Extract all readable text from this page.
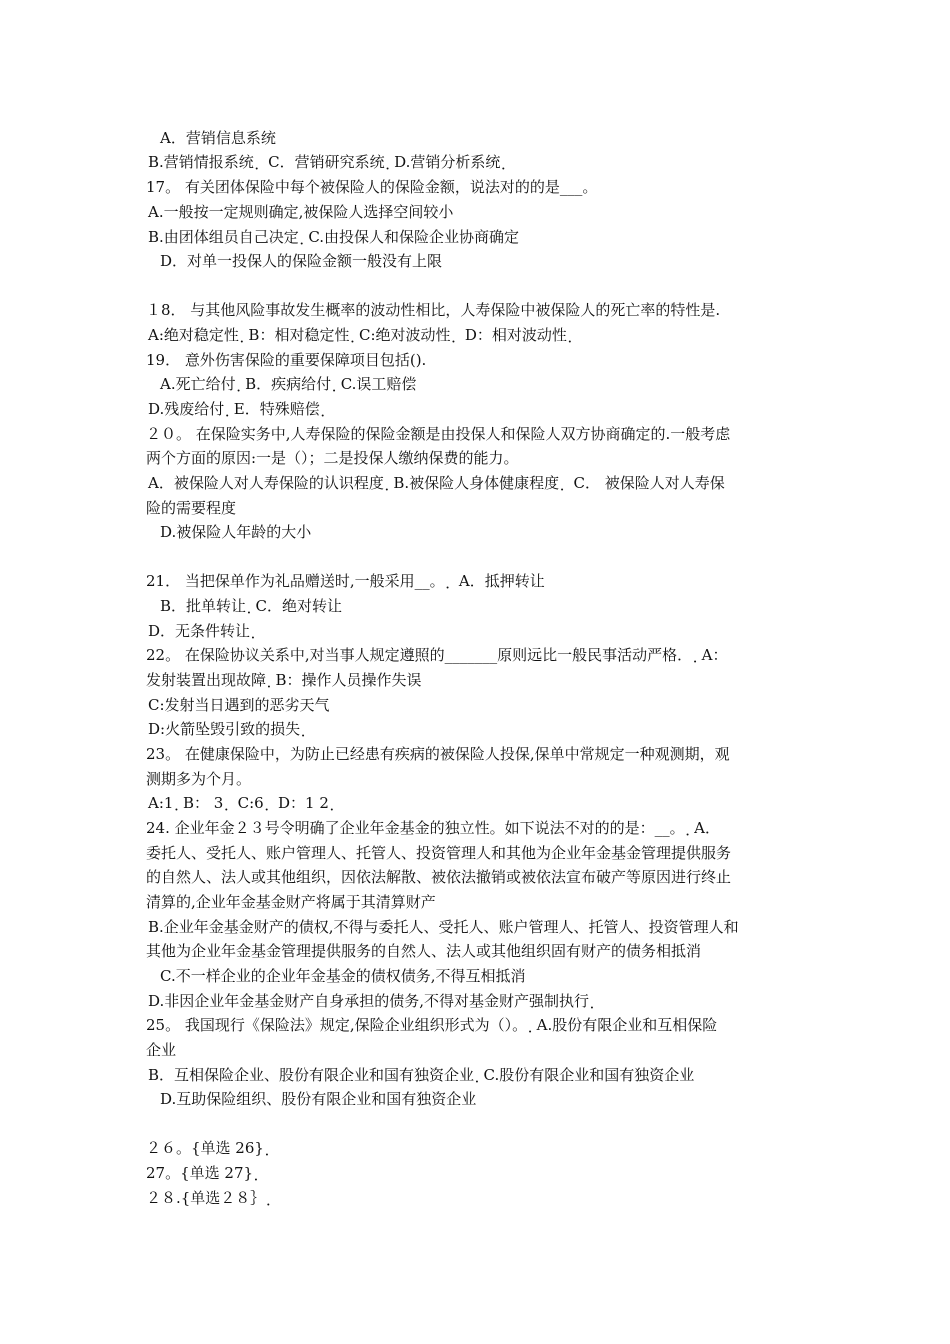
A．营销信息系统
B.营销情报系统 ฺ  C．营销研究系统 ฺ D.营销分析系统 ฺ
17。 有关团体保险中每个被保险人的保险金额，说法对的的是___。
A.一般按一定规则确定,被保险人选择空间较小
B.由团体组员自己决定 ฺ C.由投保人和保险企业协商确定
D．对单一投保人的保险金额一般没有上限
１8． 与其他风险事故发生概率的波动性相比，人寿保险中被保险人的死亡率的特性是.
A:绝对稳定性 ฺ B：相对稳定性 ฺ C:绝对波动性 ฺ  D：相对波动性 ฺ
19． 意外伤害保险的重要保障项目包括().
A.死亡给付 ฺ B．疾病给付 ฺ C.误工赔偿
D.残废给付 ฺ E．特殊赔偿 ฺ
２０。 在保险实务中,人寿保险的保险金额是由投保人和保险人双方协商确定的.一般考虑
两个方面的原因:一是（）；二是投保人缴纳保费的能力。
A．被保险人对人寿保险的认识程度 ฺ B.被保险人身体健康程度 ฺ  C． 被保险人对人寿保
险的需要程度
D.被保险人年龄的大小
21． 当把保单作为礼品赠送时,一般采用__。 ฺ  A．抵押转让
B．批单转让 ฺ C．绝对转让
D．无条件转让 ฺ
22。 在保险协议关系中,对当事人规定遵照的_______原则远比一般民事活动严格． ฺ A：
发射装置出现故障 ฺ B：操作人员操作失误
C:发射当日遇到的恶劣天气
D:火箭坠毁引致的损失 ฺ
23。 在健康保险中，为防止已经患有疾病的被保险人投保,保单中常规定一种观测期，观
测期多为个月。
A:1 ฺ B： 3 ฺ  C:6 ฺ  D：1 2 ฺ
24. 企业年金２３号令明确了企业年金基金的独立性。如下说法不对的的是：__。 ฺ A．
委托人、受托人、账户管理人、托管人、投资管理人和其他为企业年金基金管理提供服务
的自然人、法人或其他组织，因依法解散、被依法撤销或被依法宣布破产等原因进行终止
清算的,企业年金基金财产将属于其清算财产
B.企业年金基金财产的债权,不得与委托人、受托人、账户管理人、托管人、投资管理人和
其他为企业年金基金管理提供服务的自然人、法人或其他组织固有财产的债务相抵消
C.不一样企业的企业年金基金的债权债务,不得互相抵消
D.非因企业年金基金财产自身承担的债务,不得对基金财产强制执行 ฺ
25。 我国现行《保险法》规定,保险企业组织形式为（）。 ฺ A.股份有限企业和互相保险
企业
B．互相保险企业、股份有限企业和国有独资企业 ฺ C.股份有限企业和国有独资企业
D.互助保险组织、股份有限企业和国有独资企业
２６。{单选 26} ฺ
27。{单选 27} ฺ
２８.{单选２８｝ ฺ
